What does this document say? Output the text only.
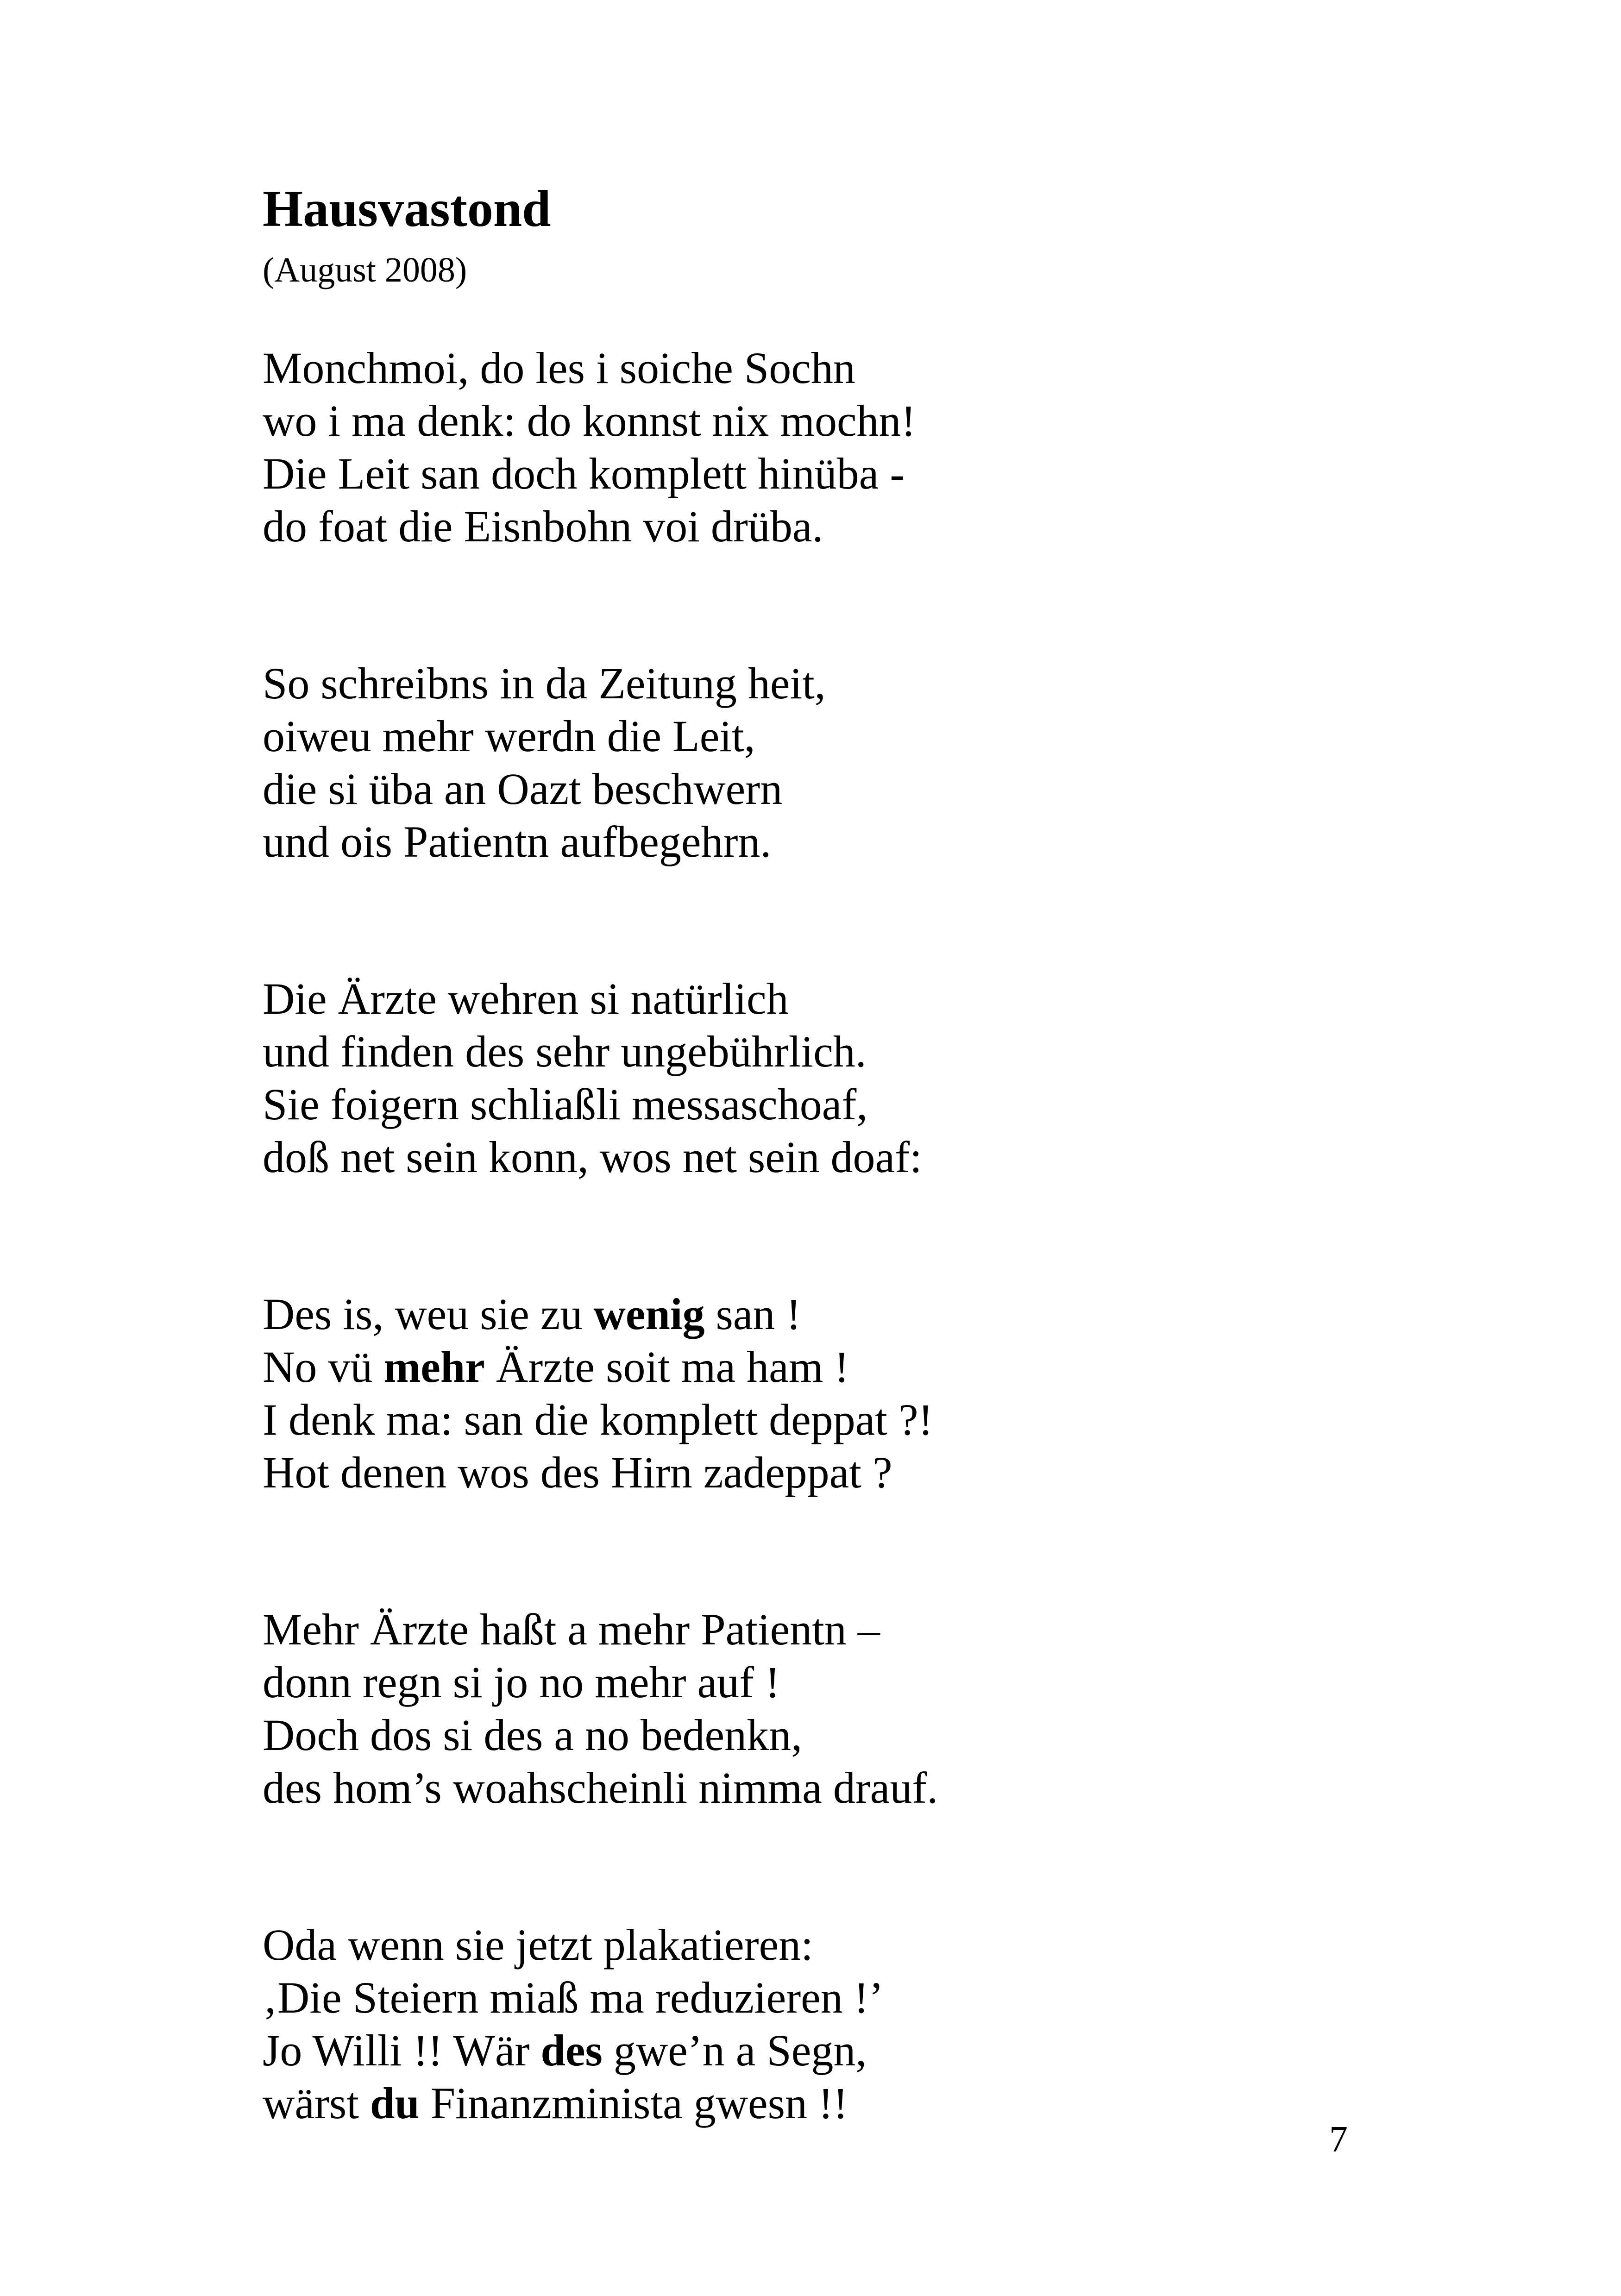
Hausvastond
(August 2008)
Monchmoi, do les i soiche Sochn
wo i ma denk: do konnst nix mochn!
Die Leit san doch komplett hinüba -
do foat die Eisnbohn voi drüba.
So schreibns in da Zeitung heit,
oiweu mehr werdn die Leit,
die si üba an Oazt beschwern
und ois Patientn aufbegehrn.
Die Ärzte wehren si natürlich
und finden des sehr ungebührlich.
Sie foigern schliaßli messaschoaf,
doß net sein konn, wos net sein doaf:
Des is, weu sie zu wenig san !
No vü mehr Ärzte soit ma ham !
I denk ma: san die komplett deppat ?!
Hot denen wos des Hirn zadeppat ?
Mehr Ärzte haßt a mehr Patientn –
donn regn si jo no mehr auf !
Doch dos si des a no bedenkn,
des hom’s woahscheinli nimma drauf.
Oda wenn sie jetzt plakatieren:
‚Die Steiern miaß ma reduzieren !’
Jo Willi !! Wär des gwe’n a Segn,
wärst du Finanzminista gwesn !!
7
